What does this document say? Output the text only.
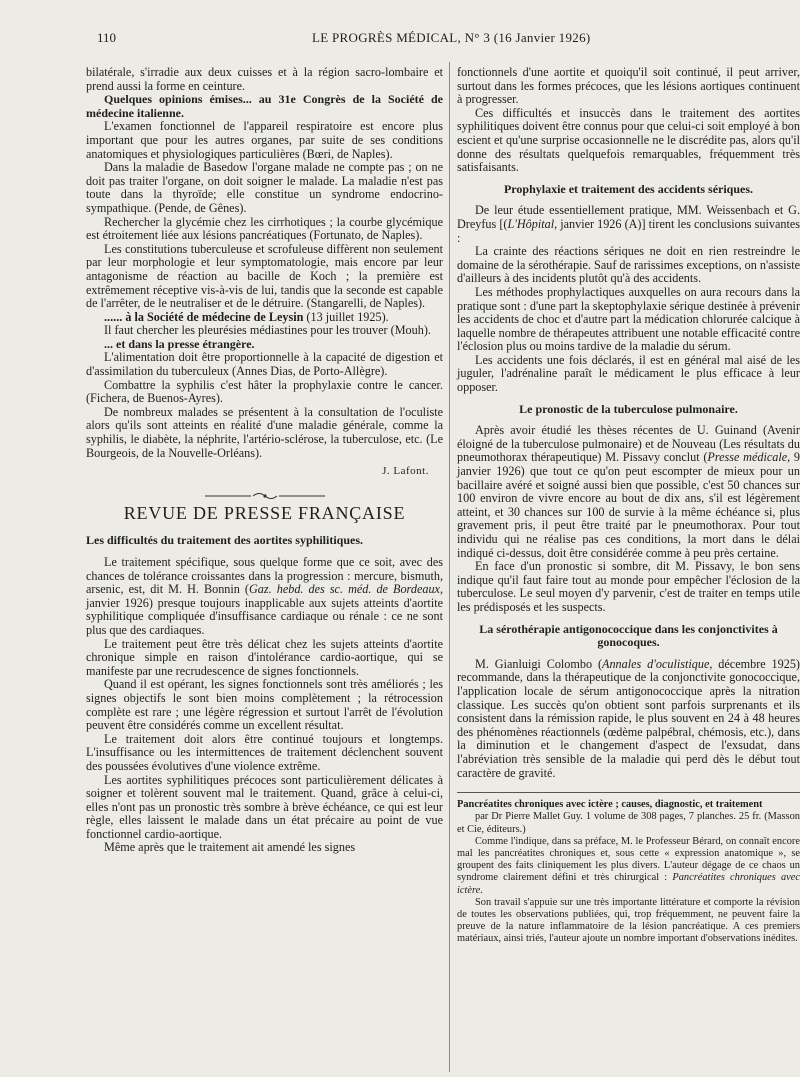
110	LE PROGRÈS MÉDICAL, N° 3 (16 Janvier 1926)

bilatérale, s'irradie aux deux cuisses et à la région sacro-lombaire et prend aussi la forme en ceinture.

Quelques opinions émises... au 31e Congrès de la Société de médecine italienne.

L'examen fonctionnel de l'appareil respiratoire est encore plus important que pour les autres organes, par suite de ses conditions anatomiques et physiologiques particulières (Bœri, de Naples).

Dans la maladie de Basedow l'organe malade ne compte pas ; on ne doit pas traiter l'organe, on doit soigner le malade. La maladie n'est pas toute dans la thyroïde; elle constitue un syndrome endocrino-sympathique. (Pende, de Gênes).

Rechercher la glycémie chez les cirrhotiques ; la courbe glycémique est étroitement liée aux lésions pancréatiques (Fortunato, de Naples).

Les constitutions tuberculeuse et scrofuleuse diffèrent non seulement par leur morphologie et leur symptomatologie, mais encore par leur antagonisme de réaction au bacille de Koch ; la première est extrêmement réceptive vis-à-vis de lui, tandis que la seconde est capable de l'arrêter, de le neutraliser et de le détruire. (Stangarelli, de Naples).

...... à la Société de médecine de Leysin (13 juillet 1925).

Il faut chercher les pleurésies médiastines pour les trouver (Mouh).

... et dans la presse étrangère.

L'alimentation doit être proportionnelle à la capacité de digestion et d'assimilation du tuberculeux (Annes Dias, de Porto-Allègre).

Combattre la syphilis c'est hâter la prophylaxie contre le cancer. (Fichera, de Buenos-Ayres).

De nombreux malades se présentent à la consultation de l'oculiste alors qu'ils sont atteints en réalité d'une maladie générale, comme la syphilis, le diabète, la néphrite, l'artério-sclérose, la tuberculose, etc. (Le Bourgeois, de la Nouvelle-Orléans).

J. Lafont.

REVUE DE PRESSE FRANÇAISE

Les difficultés du traitement des aortites syphilitiques.

Le traitement spécifique, sous quelque forme que ce soit, avec des chances de tolérance croissantes dans la progression : mercure, bismuth, arsenic, est, dit M. H. Bonnin (Gaz. hebd. des sc. méd. de Bordeaux, janvier 1926) presque toujours inapplicable aux sujets atteints d'aortite syphilitique compliquée d'insuffisance cardiaque ou rénale : ce ne sont plus que des cardiaques.

Le traitement peut être très délicat chez les sujets atteints d'aortite chronique simple en raison d'intolérance cardio-aortique, qui se manifeste par une recrudescence de signes fonctionnels.

Quand il est opérant, les signes fonctionnels sont très améliorés ; les signes objectifs le sont bien moins complètement ; la rétrocession complète est rare ; une légère régression et surtout l'arrêt de l'évolution peuvent être considérés comme un excellent résultat.

Le traitement doit alors être continué toujours et longtemps. L'insuffisance ou les intermittences de traitement déclenchent souvent des poussées évolutives d'une violence extrême.

Les aortites syphilitiques précoces sont particulièrement délicates à soigner et tolèrent souvent mal le traitement. Quand, grâce à celui-ci, elles n'ont pas un pronostic très sombre à brève échéance, ce qui est leur règle, elles laissent le malade dans un état précaire au point de vue fonctionnel cardio-aortique.

Même après que le traitement ait amendé les signes

fonctionnels d'une aortite et quoiqu'il soit continué, il peut arriver, surtout dans les formes précoces, que les lésions aortiques continuent à progresser.

Ces difficultés et insuccès dans le traitement des aortites syphilitiques doivent être connus pour que celui-ci soit employé à bon escient et qu'une surprise occasionnelle ne le discrédite pas, alors qu'il donne des résultats quelquefois remarquables, fréquemment très satisfaisants.

Prophylaxie et traitement des accidents sériques.

De leur étude essentiellement pratique, MM. Weissenbach et G. Dreyfus [(L'Hôpital, janvier 1926 (A)] tirent les conclusions suivantes :

La crainte des réactions sériques ne doit en rien restreindre le domaine de la sérothérapie. Sauf de rarissimes exceptions, on n'assiste d'ailleurs à des incidents plutôt qu'à des accidents.

Les méthodes prophylactiques auxquelles on aura recours dans la pratique sont : d'une part la skeptophylaxie sérique destinée à prévenir les accidents de choc et d'autre part la médication chlorurée calcique à laquelle nombre de thérapeutes attribuent une notable efficacité contre l'éclosion plus ou moins tardive de la maladie du sérum.

Les accidents une fois déclarés, il est en général mal aisé de les juguler, l'adrénaline paraît le médicament le plus efficace à leur opposer.

Le pronostic de la tuberculose pulmonaire.

Après avoir étudié les thèses récentes de U. Guinand (Avenir éloigné de la tuberculose pulmonaire) et de Nouveau (Les résultats du pneumothorax thérapeutique) M. Pissavy conclut (Presse médicale, 9 janvier 1926) que tout ce qu'on peut escompter de mieux pour un bacillaire avéré et soigné aussi bien que possible, c'est 50 chances sur 100 environ de vivre encore au bout de dix ans, s'il est légèrement atteint, et 30 chances sur 100 de survie à la même échéance si, plus gravement pris, il peut être traité par le pneumothorax. Pour tout individu qui ne réalise pas ces conditions, la mort dans le délai indiqué ci-dessus, doit être considérée comme à peu près certaine.

En face d'un pronostic si sombre, dit M. Pissavy, le bon sens indique qu'il faut faire tout au monde pour empêcher l'éclosion de la tuberculose. Le seul moyen d'y parvenir, c'est de traiter en temps utile les prédisposés et les suspects.

La sérothérapie antigonococcique dans les conjonctivites à gonocoques.

M. Gianluigi Colombo (Annales d'oculistique, décembre 1925) recommande, dans la thérapeutique de la conjonctivite gonococcique, l'application locale de sérum antigonococcique après la nitration classique. Les succès qu'on obtient sont parfois surprenants et ils consistent dans la rémission rapide, le plus souvent en 24 à 48 heures des phénomènes réactionnels (œdème palpébral, chémosis, etc.), dans la diminution et le changement d'aspect de l'exsudat, dans l'abréviation très sensible de la maladie qui perd dès le début tout caractère de gravité.

Pancréatites chroniques avec ictère ; causes, diagnostic, et traitement

par Dr Pierre Mallet Guy. 1 volume de 308 pages, 7 planches. 25 fr. (Masson et Cie, éditeurs.)

Comme l'indique, dans sa préface, M. le Professeur Bérard, on connaît encore mal les pancréatites chroniques et, sous cette « expression anatomique », se groupent des faits cliniquement les plus divers. L'auteur dégage de ce chaos un syndrome clairement défini et très chirurgical : Pancréatites chroniques avec ictère.

Son travail s'appuie sur une très importante littérature et comporte la révision de toutes les observations publiées, qui, trop fréquemment, ne peuvent faire la preuve de la nature inflammatoire de la lésion pancréatique. A ces premiers matériaux, ainsi triés, l'auteur ajoute un nombre important d'observations inédites.
